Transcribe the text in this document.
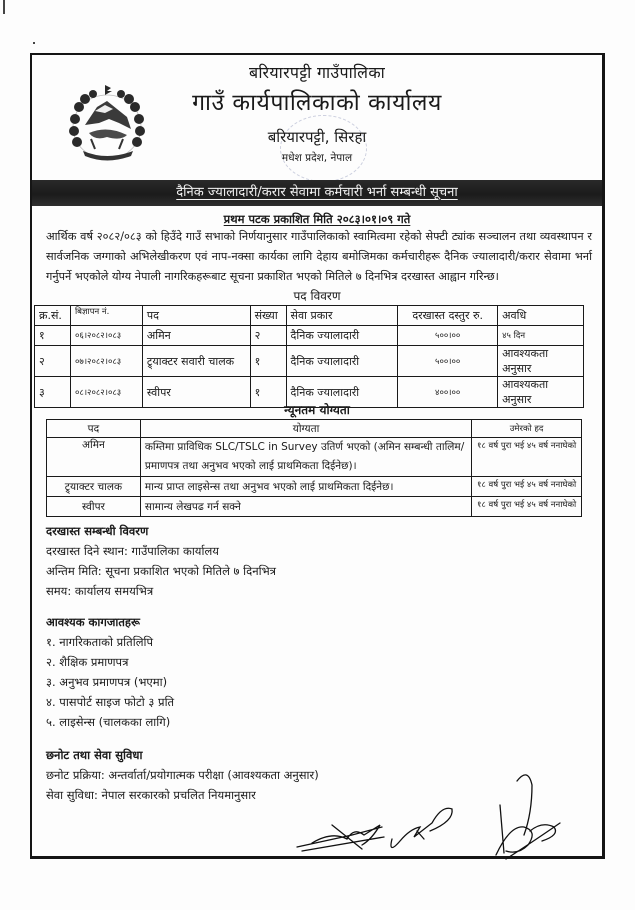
बरियारपट्टी गाउँपालिका
गाउँ कार्यपालिकाको कार्यालय
बरियारपट्टी, सिरहा
मधेश प्रदेश, नेपाल
दैनिक ज्यालादारी/करार सेवामा कर्मचारी भर्ना सम्बन्धी सूचना
प्रथम पटक प्रकाशित मिति २०८३।०१।०९ गते
आर्थिक वर्ष २०८२/०८३ को हिउँदे गाउँ सभाको निर्णयानुसार गाउँपालिकाको स्वामित्वमा रहेको सेफ्टी ट्यांक सञ्चालन तथा व्यवस्थापन र सार्वजनिक जग्गाको अभिलेखीकरण एवं नाप-नक्सा कार्यका लागि देहाय बमोजिमका कर्मचारीहरू दैनिक ज्यालादारी/करार सेवामा भर्ना गर्नुपर्ने भएकोले योग्य नेपाली नागरिकहरूबाट सूचना प्रकाशित भएको मितिले ७ दिनभित्र दरखास्त आह्वान गरिन्छ।
पद विवरण
क्र.सं.	बिज्ञापन नं.	पद	संख्या	सेवा प्रकार	दरखास्त दस्तुर रु.	अवधि
१	०६।२०८२।०८३	अमिन	२	दैनिक ज्यालादारी	५००।००	४५ दिन
२	०७।२०८२।०८३	ट्र्याक्टर सवारी चालक	१	दैनिक ज्यालादारी	५००।००	आवश्यकता अनुसार
३	०८।२०८२।०८३	स्वीपर	१	दैनिक ज्यालादारी	४००।००	आवश्यकता अनुसार
न्यूनतम योग्यता
पद	योग्यता	उमेरको हद
अमिन	कम्तिमा प्राविधिक SLC/TSLC in Survey उतिर्ण भएको (अमिन सम्बन्धी तालिम/प्रमाणपत्र तथा अनुभव भएको लाई प्राथमिकता दिईनेछ)।	१८ वर्ष पुरा भई ४५ वर्ष ननाघेको
ट्र्याक्टर चालक	मान्य प्राप्त लाइसेन्स तथा अनुभव भएको लाई प्राथमिकता दिईनेछ।	१८ वर्ष पुरा भई ४५ वर्ष ननाघेको
स्वीपर	सामान्य लेखपढ गर्न सक्ने	१८ वर्ष पुरा भई ४५ वर्ष ननाघेको
दरखास्त सम्बन्धी विवरण
दरखास्त दिने स्थान: गाउँपालिका कार्यालय
अन्तिम मिति: सूचना प्रकाशित भएको मितिले ७ दिनभित्र
समय: कार्यालय समयभित्र
आवश्यक कागजातहरू
१. नागरिकताको प्रतिलिपि
२. शैक्षिक प्रमाणपत्र
३. अनुभव प्रमाणपत्र (भएमा)
४. पासपोर्ट साइज फोटो ३ प्रति
५. लाइसेन्स (चालकका लागि)
छनोट तथा सेवा सुविधा
छनोट प्रक्रिया: अन्तर्वार्ता/प्रयोगात्मक परीक्षा (आवश्यकता अनुसार)
सेवा सुविधा: नेपाल सरकारको प्रचलित नियमानुसार
